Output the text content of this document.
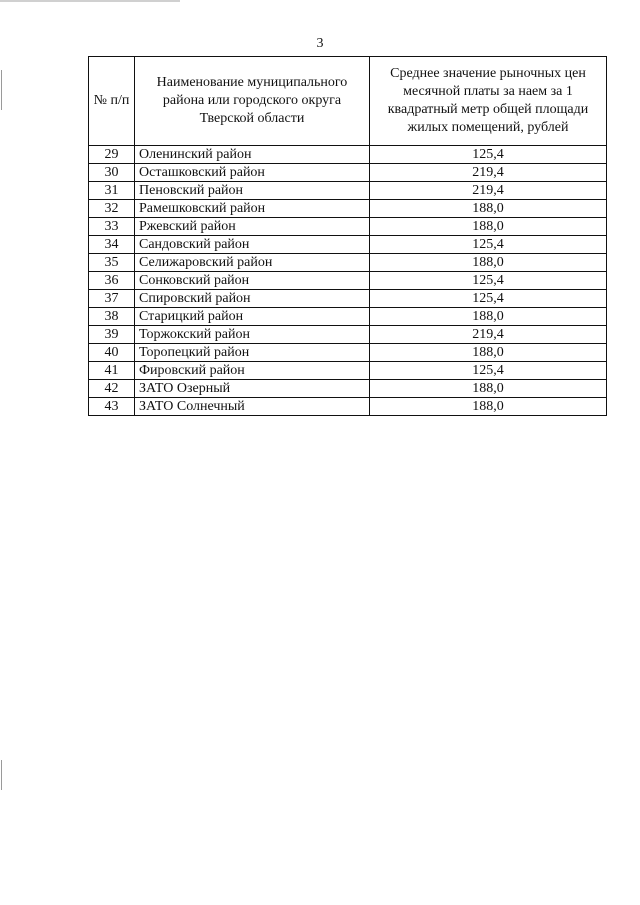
3
№ п/п	Наименование муниципального района или городского округа Тверской области	Среднее значение рыночных цен месячной платы за наем за 1 квадратный метр общей площади жилых помещений, рублей
29	Оленинский район	125,4
30	Осташковский район	219,4
31	Пеновский район	219,4
32	Рамешковский район	188,0
33	Ржевский район	188,0
34	Сандовский район	125,4
35	Селижаровский район	188,0
36	Сонковский район	125,4
37	Спировский район	125,4
38	Старицкий район	188,0
39	Торжокский район	219,4
40	Торопецкий район	188,0
41	Фировский район	125,4
42	ЗАТО Озерный	188,0
43	ЗАТО Солнечный	188,0
